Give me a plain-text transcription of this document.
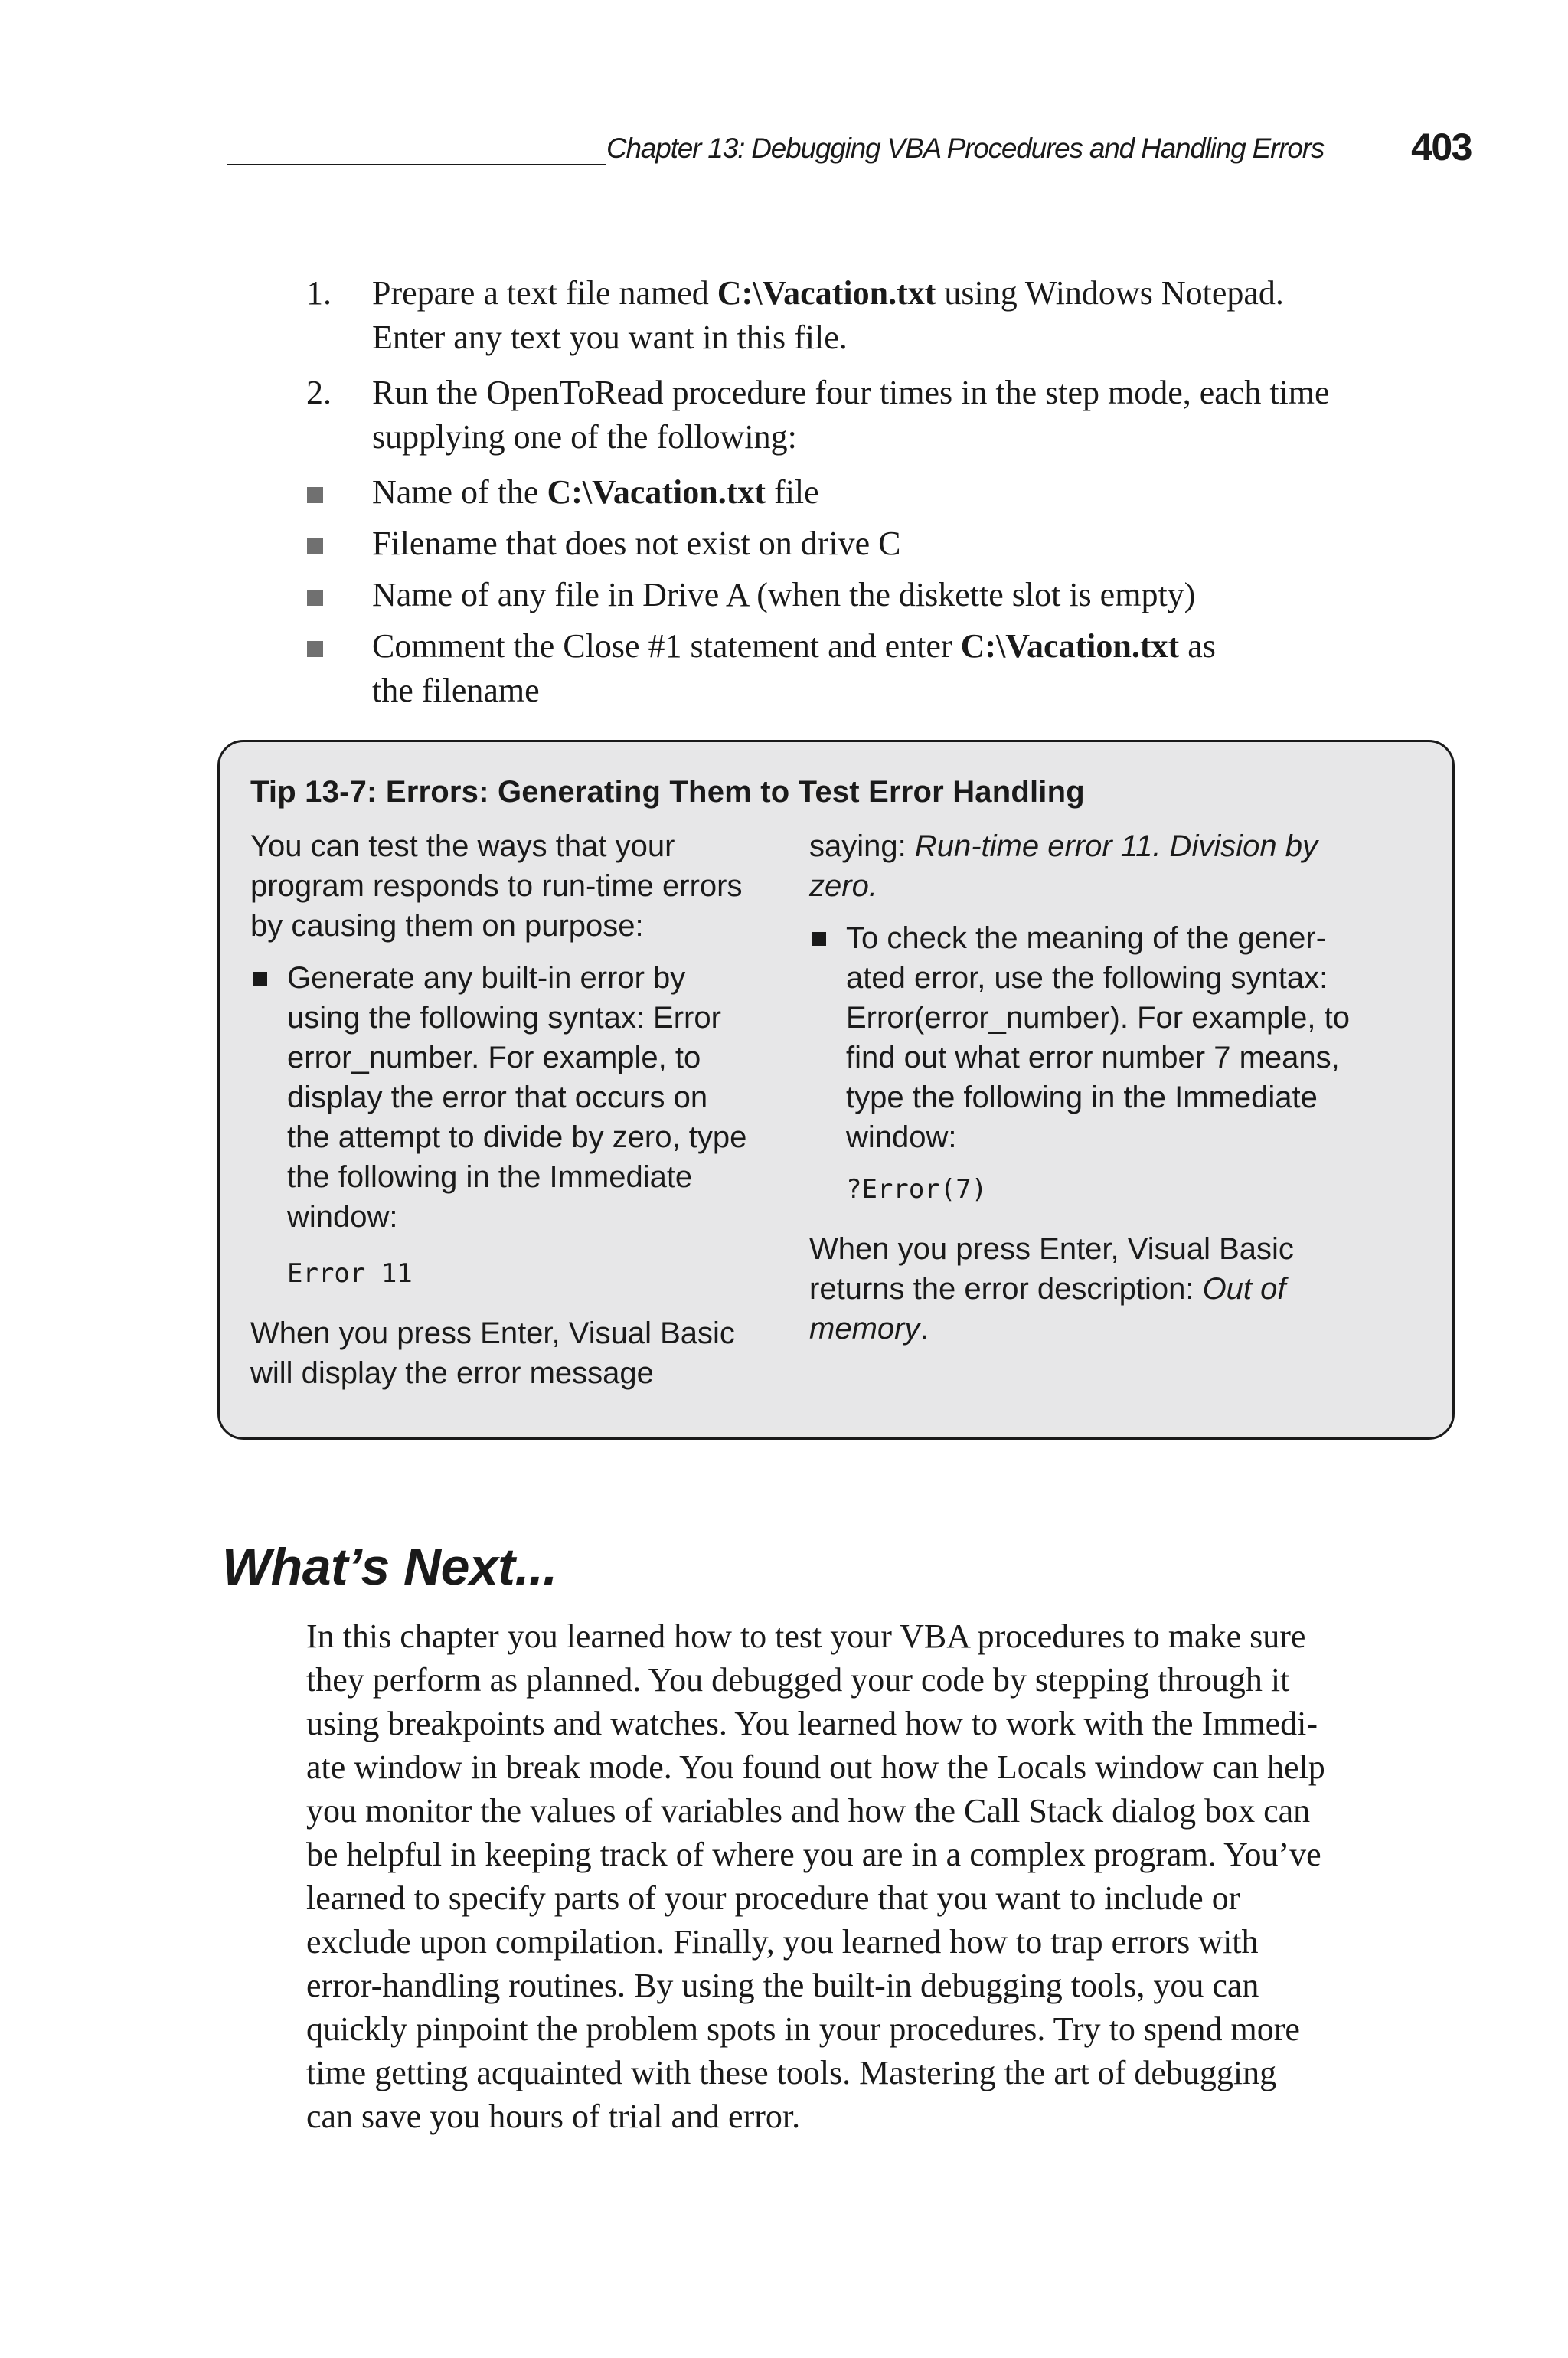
Chapter 13: Debugging VBA Procedures and Handling Errors	403
1. Prepare a text file named C:\Vacation.txt using Windows Notepad.
Enter any text you want in this file.
2. Run the OpenToRead procedure four times in the step mode, each time
supplying one of the following:
Name of the C:\Vacation.txt file
Filename that does not exist on drive C
Name of any file in Drive A (when the diskette slot is empty)
Comment the Close #1 statement and enter C:\Vacation.txt as
the filename
Tip 13-7: Errors: Generating Them to Test Error Handling

You can test the ways that your
program responds to run-time errors
by causing them on purpose:

Generate any built-in error by
using the following syntax: Error
error_number. For example, to
display the error that occurs on
the attempt to divide by zero, type
the following in the Immediate
window:
Error 11

When you press Enter, Visual Basic
will display the error message

saying: Run-time error 11. Division by
zero.

To check the meaning of the gener-
ated error, use the following syntax:
Error(error_number). For example, to
find out what error number 7 means,
type the following in the Immediate
window:
?Error(7)

When you press Enter, Visual Basic
returns the error description: Out of
memory.

What’s Next...
In this chapter you learned how to test your VBA procedures to make sure
they perform as planned. You debugged your code by stepping through it
using breakpoints and watches. You learned how to work with the Immedi-
ate window in break mode. You found out how the Locals window can help
you monitor the values of variables and how the Call Stack dialog box can
be helpful in keeping track of where you are in a complex program. You’ve
learned to specify parts of your procedure that you want to include or
exclude upon compilation. Finally, you learned how to trap errors with
error-handling routines. By using the built-in debugging tools, you can
quickly pinpoint the problem spots in your procedures. Try to spend more
time getting acquainted with these tools. Mastering the art of debugging
can save you hours of trial and error.
